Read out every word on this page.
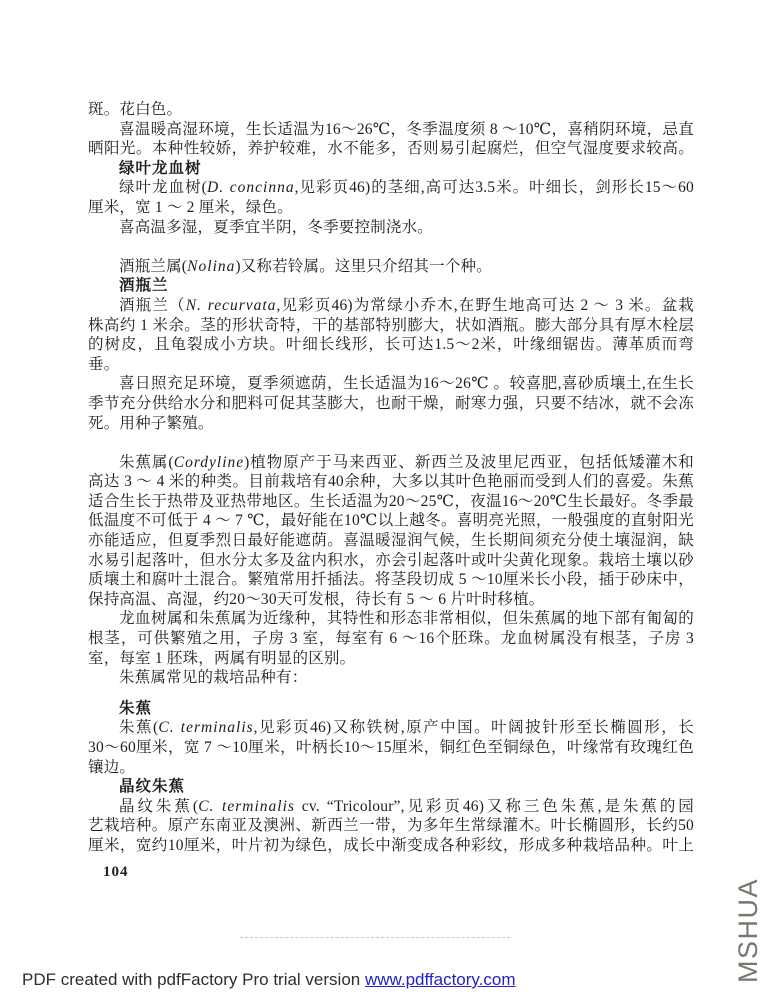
斑。花白色。
喜温暖高湿环境，生长适温为16～26℃，冬季温度须 8 ～10℃，喜稍阴环境，忌直
晒阳光。本种性较娇，养护较难，水不能多，否则易引起腐烂，但空气湿度要求较高。
绿叶龙血树
绿叶龙血树(D. concinna,见彩页46)的茎细,高可达3.5米。叶细长，剑形长15～60
厘米，宽 1 ～ 2 厘米，绿色。
喜高温多湿，夏季宜半阴，冬季要控制浇水。
酒瓶兰属(Nolina)又称若铃属。这里只介绍其一个种。
酒瓶兰
酒瓶兰（N. recurvata,见彩页46)为常绿小乔木,在野生地高可达 2 ～ 3 米。盆栽
株高约 1 米余。茎的形状奇特，干的基部特别膨大，状如酒瓶。膨大部分具有厚木栓层
的树皮，且龟裂成小方块。叶细长线形，长可达1.5～2米，叶缘细锯齿。薄革质而弯
垂。
喜日照充足环境，夏季须遮荫，生长适温为16～26℃ 。较喜肥,喜砂质壤土,在生长
季节充分供给水分和肥料可促其茎膨大，也耐干燥，耐寒力强，只要不结冰，就不会冻
死。用种子繁殖。
朱蕉属(Cordyline)植物原产于马来西亚、新西兰及波里尼西亚，包括低矮灌木和
高达 3 ～ 4 米的种类。目前栽培有40余种，大多以其叶色艳丽而受到人们的喜爱。朱蕉
适合生长于热带及亚热带地区。生长适温为20～25℃，夜温16～20℃生长最好。冬季最
低温度不可低于 4 ～ 7 ℃，最好能在10℃以上越冬。喜明亮光照，一般强度的直射阳光
亦能适应，但夏季烈日最好能遮荫。喜温暖湿润气候，生长期间须充分使土壤湿润，缺
水易引起落叶，但水分太多及盆内积水，亦会引起落叶或叶尖黄化现象。栽培土壤以砂
质壤土和腐叶土混合。繁殖常用扦插法。将茎段切成 5 ～10厘米长小段，插于砂床中，
保持高温、高湿，约20～30天可发根，待长有 5 ～ 6 片叶时移植。
龙血树属和朱蕉属为近缘种，其特性和形态非常相似，但朱蕉属的地下部有匍匐的
根茎，可供繁殖之用，子房 3 室，每室有 6 ～16个胚珠。龙血树属没有根茎，子房 3
室，每室 1 胚珠，两属有明显的区别。
朱蕉属常见的栽培品种有：
朱蕉
朱蕉(C. terminalis,见彩页46)又称铁树,原产中国。叶阔披针形至长椭圆形，长
30～60厘米，宽 7 ～10厘米，叶柄长10～15厘米，铜红色至铜绿色，叶缘常有玫瑰红色
镶边。
晶纹朱蕉
晶纹朱蕉(C. terminalis cv. “Tricolour”,见彩页46)又称三色朱蕉,是朱蕉的园
艺栽培种。原产东南亚及澳洲、新西兰一带，为多年生常绿灌木。叶长椭圆形，长约50
厘米，宽约10厘米，叶片初为绿色，成长中渐变成各种彩纹，形成多种栽培品种。叶上
104
PDF created with pdfFactory Pro trial version www.pdffactory.com	MSHUA
